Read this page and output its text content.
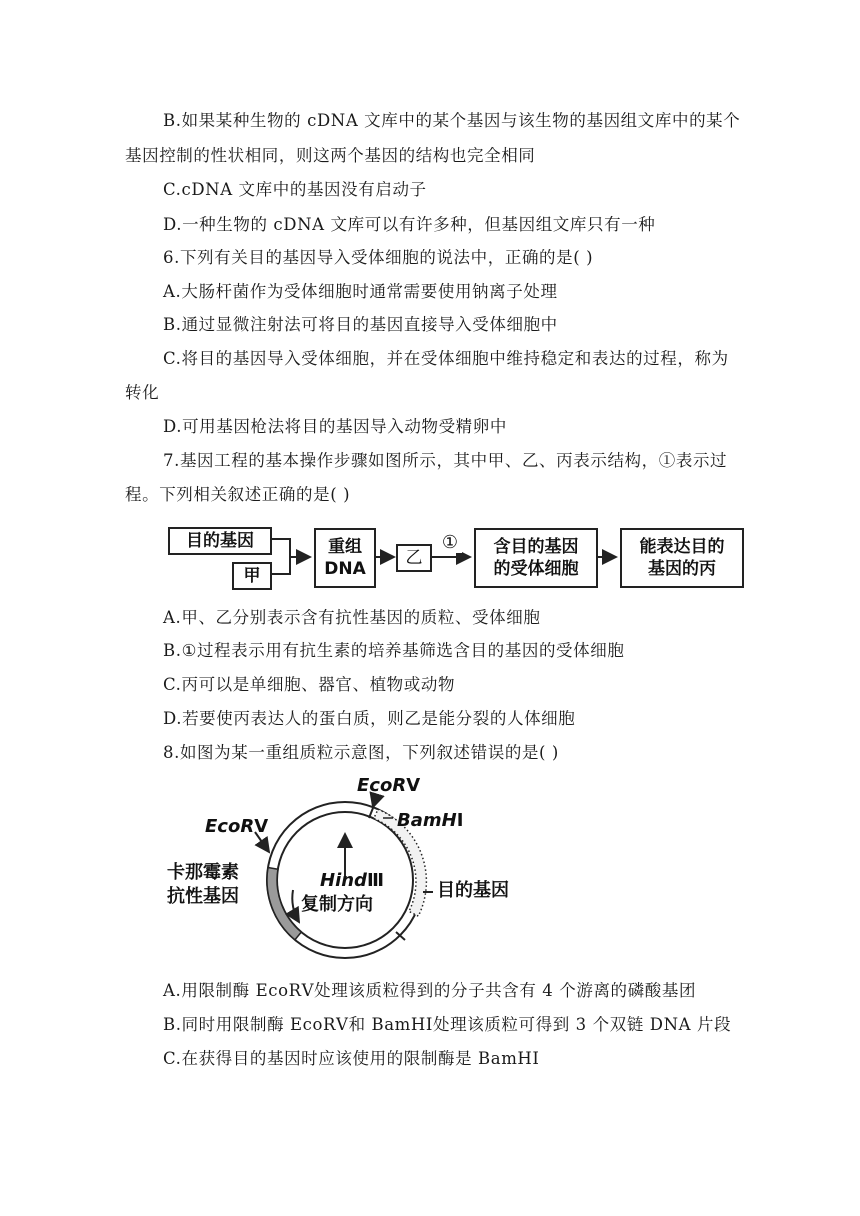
B.如果某种生物的 cDNA 文库中的某个基因与该生物的基因组文库中的某个
基因控制的性状相同，则这两个基因的结构也完全相同
C.cDNA 文库中的基因没有启动子
D.一种生物的 cDNA 文库可以有许多种，但基因组文库只有一种
6.下列有关目的基因导入受体细胞的说法中，正确的是( )
A.大肠杆菌作为受体细胞时通常需要使用钠离子处理
B.通过显微注射法可将目的基因直接导入受体细胞中
C.将目的基因导入受体细胞，并在受体细胞中维持稳定和表达的过程，称为
转化
D.可用基因枪法将目的基因导入动物受精卵中
7.基因工程的基本操作步骤如图所示，其中甲、乙、丙表示结构，①表示过
程。下列相关叙述正确的是( )
目的基因
甲
重组
DNA
乙
① 含目的基因
的受体细胞
能表达目的
基因的丙
A.甲、乙分别表示含有抗性基因的质粒、受体细胞
B.①过程表示用有抗生素的培养基筛选含目的基因的受体细胞
C.丙可以是单细胞、器官、植物或动物
D.若要使丙表达人的蛋白质，则乙是能分裂的人体细胞
8.如图为某一重组质粒示意图，下列叙述错误的是( )
EcoRV
BamHI
EcoRV
卡那霉素
抗性基因
HindⅢ
复制方向
目的基因
A.用限制酶 EcoRⅤ处理该质粒得到的分子共含有 4 个游离的磷酸基团
B.同时用限制酶 EcoRⅤ和 BamHⅠ处理该质粒可得到 3 个双链 DNA 片段
C.在获得目的基因时应该使用的限制酶是 BamHⅠ
